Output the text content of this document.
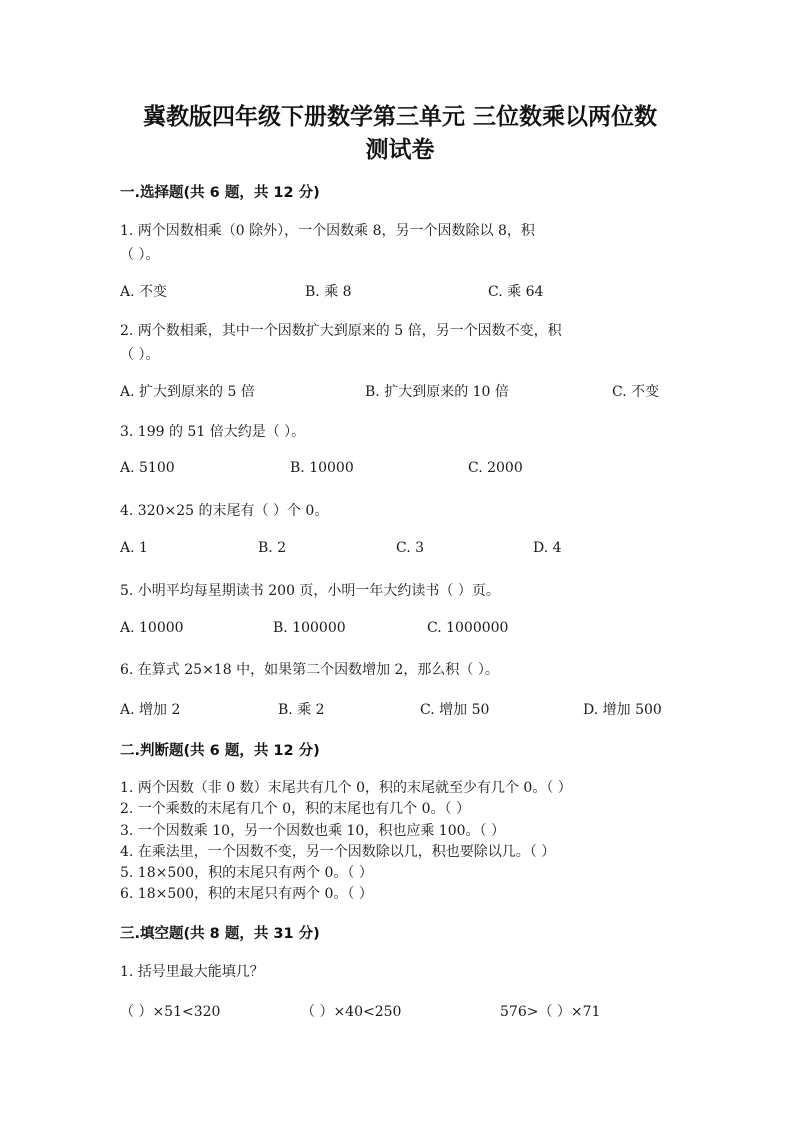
冀教版四年级下册数学第三单元 三位数乘以两位数
测试卷
一.选择题(共 6 题，共 12 分)
1. 两个因数相乘（0 除外），一个因数乘 8，另一个因数除以 8，积
（ ）。
A. 不变	B. 乘 8	C. 乘 64
2. 两个数相乘，其中一个因数扩大到原来的 5 倍，另一个因数不变，积
（ ）。
A. 扩大到原来的 5 倍	B. 扩大到原来的 10 倍	C. 不变
3. 199 的 51 倍大约是（ ）。
A. 5100	B. 10000	C. 2000
4. 320×25 的末尾有（ ）个 0。
A. 1	B. 2	C. 3	D. 4
5. 小明平均每星期读书 200 页，小明一年大约读书（ ）页。
A. 10000	B. 100000	C. 1000000
6. 在算式 25×18 中，如果第二个因数增加 2，那么积（ ）。
A. 增加 2	B. 乘 2	C. 增加 50	D. 增加 500
二.判断题(共 6 题，共 12 分)
1. 两个因数（非 0 数）末尾共有几个 0，积的末尾就至少有几个 0。（ ）
2. 一个乘数的末尾有几个 0，积的末尾也有几个 0。（ ）
3. 一个因数乘 10，另一个因数也乘 10，积也应乘 100。（ ）
4. 在乘法里，一个因数不变，另一个因数除以几，积也要除以几。（ ）
5. 18×500，积的末尾只有两个 0。（ ）
6. 18×500，积的末尾只有两个 0。（ ）
三.填空题(共 8 题，共 31 分)
1. 括号里最大能填几？
（ ）×51<320	（ ）×40<250	576>（ ）×71
